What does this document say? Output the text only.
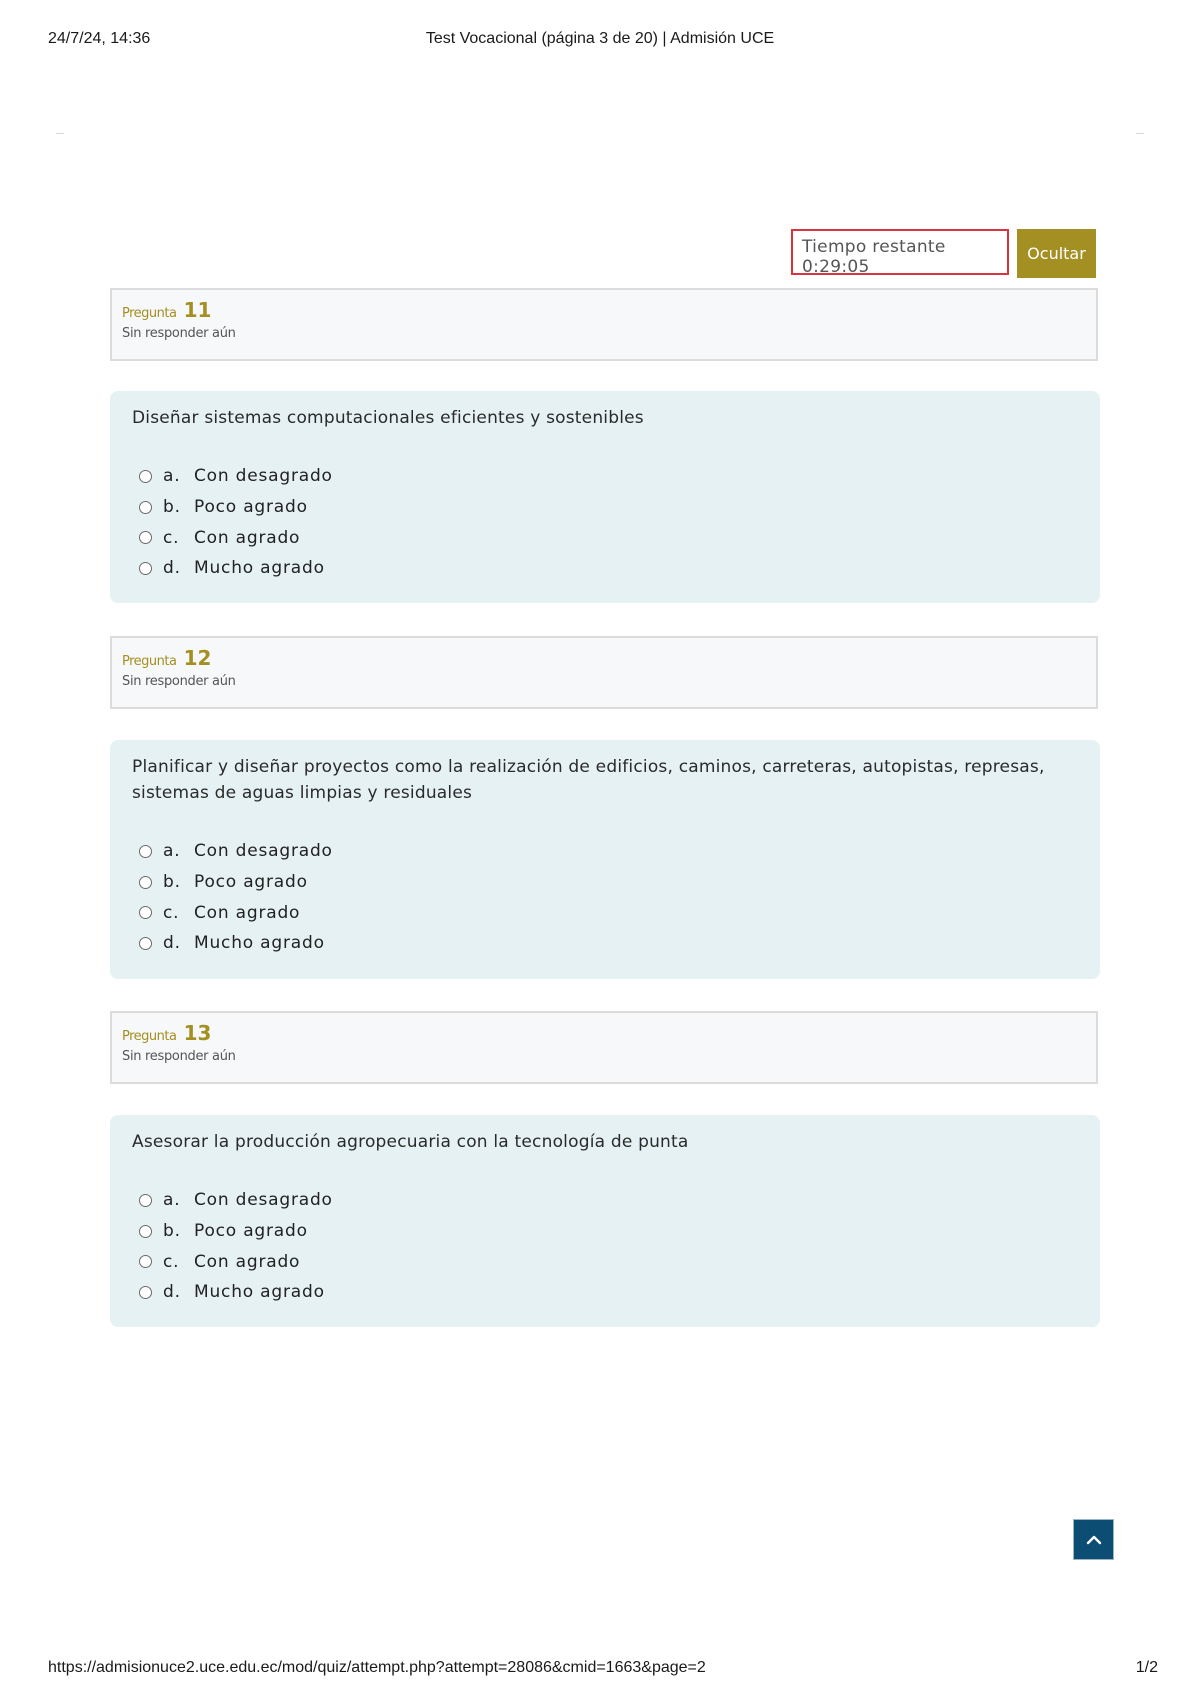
24/7/24, 14:36	Test Vocacional (página 3 de 20) | Admisión UCE
Tiempo restante 0:29:05
Ocultar
Pregunta 11
Sin responder aún
Diseñar sistemas computacionales eficientes y sostenibles
a. Con desagrado
b. Poco agrado
c. Con agrado
d. Mucho agrado
Pregunta 12
Sin responder aún
Planificar y diseñar proyectos como la realización de edificios, caminos, carreteras, autopistas, represas, sistemas de aguas limpias y residuales
a. Con desagrado
b. Poco agrado
c. Con agrado
d. Mucho agrado
Pregunta 13
Sin responder aún
Asesorar la producción agropecuaria con la tecnología de punta
a. Con desagrado
b. Poco agrado
c. Con agrado
d. Mucho agrado
https://admisionuce2.uce.edu.ec/mod/quiz/attempt.php?attempt=28086&cmid=1663&page=2	1/2
